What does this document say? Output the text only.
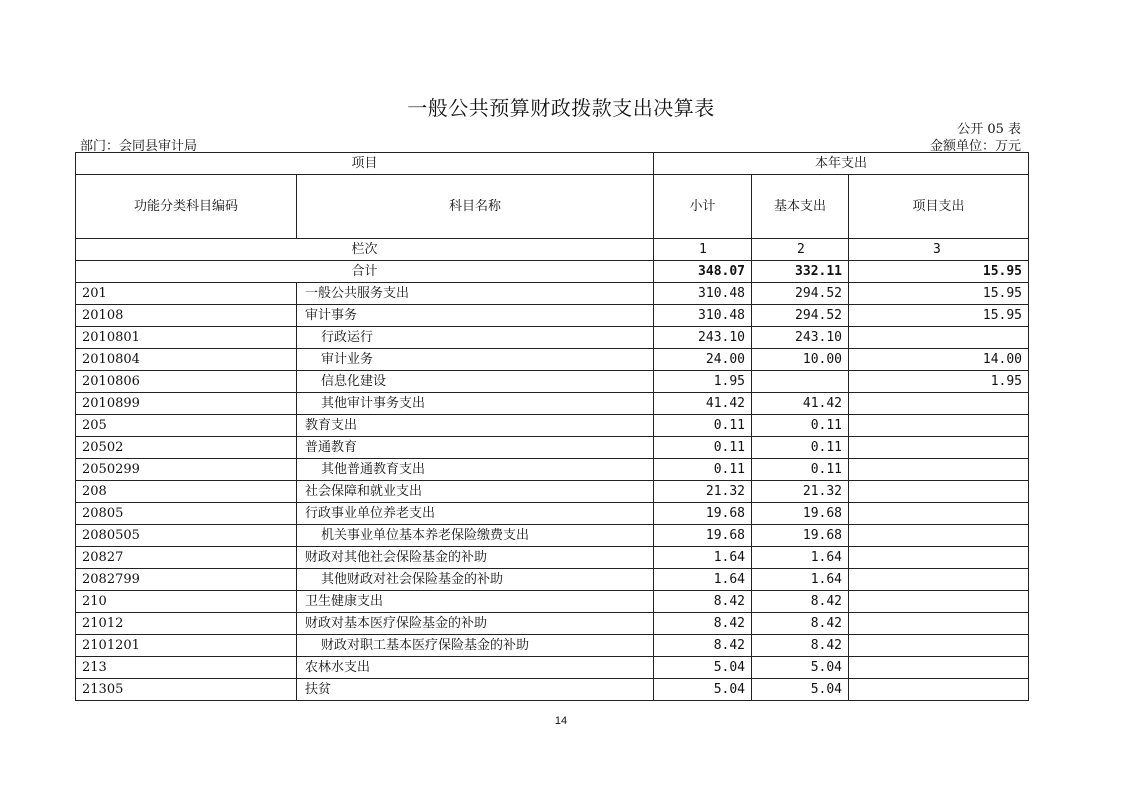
一般公共预算财政拨款支出决算表
公开 05 表
部门：会同县审计局	金额单位：万元
项目		本年支出		
功能分类科目编码	科目名称	小计	基本支出	项目支出
栏次		1	2	3
合计		348.07	332.11	15.95
201	一般公共服务支出	310.48	294.52	15.95
20108	审计事务	310.48	294.52	15.95
2010801	行政运行	243.10	243.10	
2010804	审计业务	24.00	10.00	14.00
2010806	信息化建设	1.95		1.95
2010899	其他审计事务支出	41.42	41.42	
205	教育支出	0.11	0.11	
20502	普通教育	0.11	0.11	
2050299	其他普通教育支出	0.11	0.11	
208	社会保障和就业支出	21.32	21.32	
20805	行政事业单位养老支出	19.68	19.68	
2080505	机关事业单位基本养老保险缴费支出	19.68	19.68	
20827	财政对其他社会保险基金的补助	1.64	1.64	
2082799	其他财政对社会保险基金的补助	1.64	1.64	
210	卫生健康支出	8.42	8.42	
21012	财政对基本医疗保险基金的补助	8.42	8.42	
2101201	财政对职工基本医疗保险基金的补助	8.42	8.42	
213	农林水支出	5.04	5.04	
21305	扶贫	5.04	5.04	
14
